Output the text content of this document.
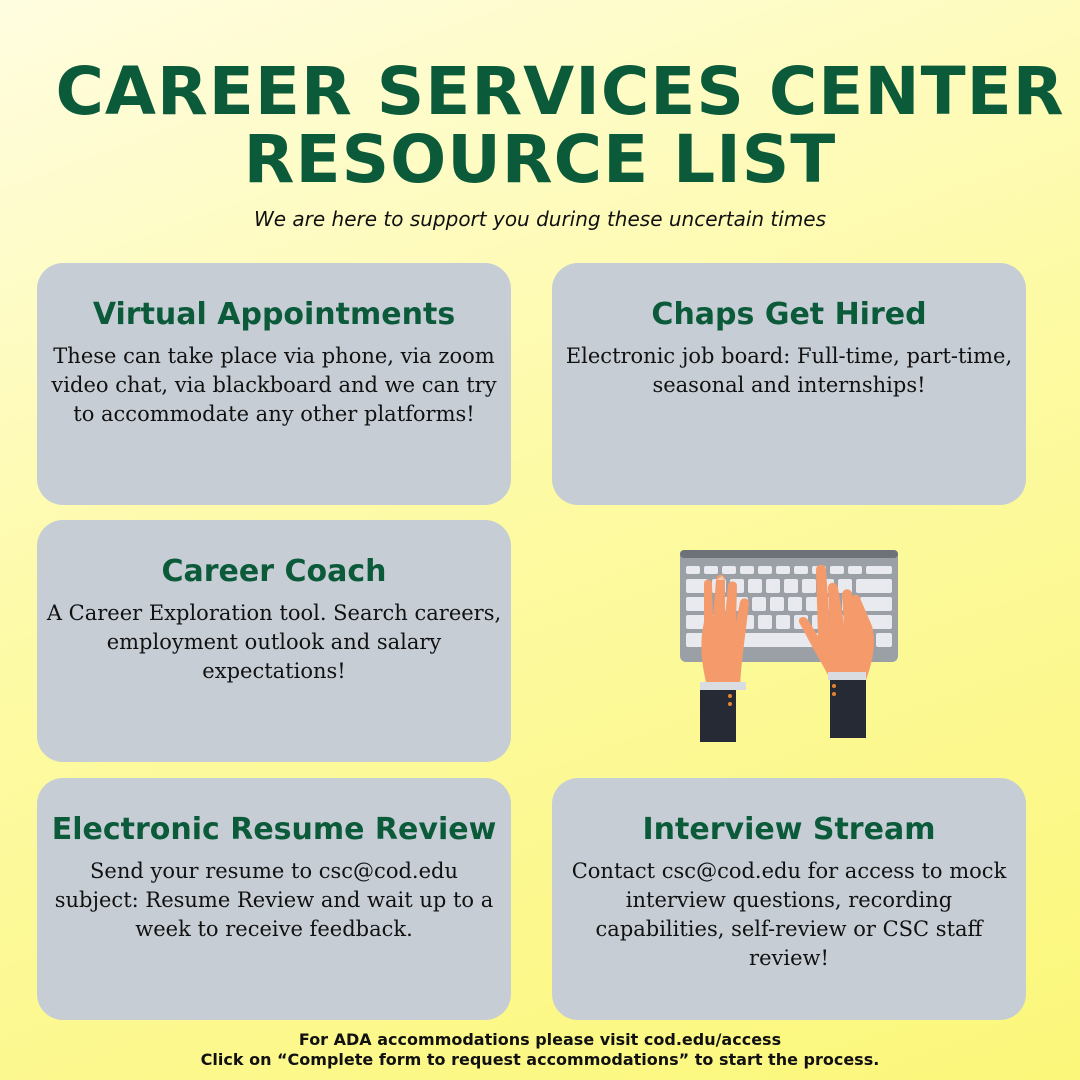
CAREER SERVICES CENTER
RESOURCE LIST
We are here to support you during these uncertain times
Virtual Appointments

These can take place via phone, via zoom video chat, via blackboard and we can try to accommodate any other platforms!

Chaps Get Hired

Electronic job board: Full-time, part-time, seasonal and internships!

Career Coach

A Career Exploration tool. Search careers, employment outlook and salary expectations!

Electronic Resume Review

Send your resume to csc@cod.edu subject: Resume Review and wait up to a week to receive feedback.

Interview Stream

Contact csc@cod.edu for access to mock interview questions, recording capabilities, self-review or CSC staff review!

For ADA accommodations please visit cod.edu/access
Click on “Complete form to request accommodations” to start the process.
